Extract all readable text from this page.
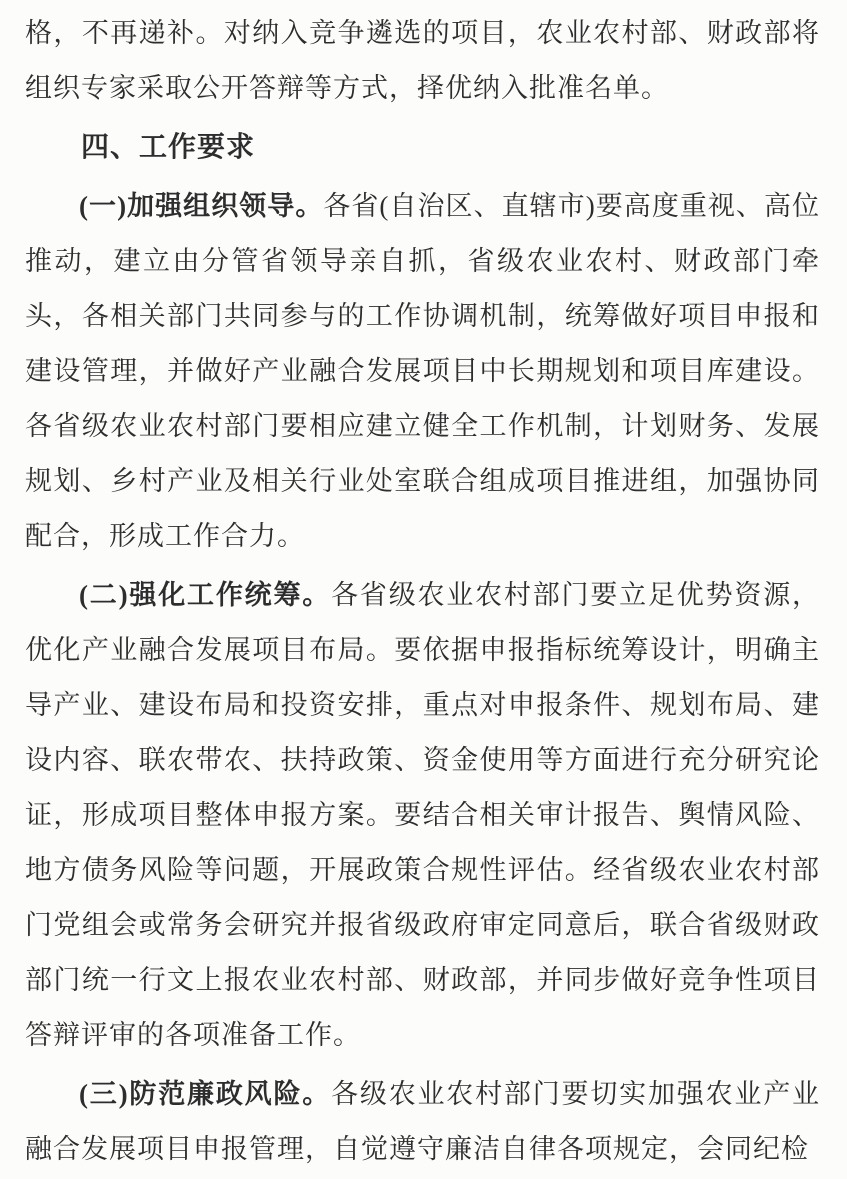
格，不再递补。对纳入竞争遴选的项目，农业农村部、财政部将组织专家采取公开答辩等方式，择优纳入批准名单。

四、工作要求

(一)加强组织领导。各省(自治区、直辖市)要高度重视、高位推动，建立由分管省领导亲自抓，省级农业农村、财政部门牵头，各相关部门共同参与的工作协调机制，统筹做好项目申报和建设管理，并做好产业融合发展项目中长期规划和项目库建设。各省级农业农村部门要相应建立健全工作机制，计划财务、发展规划、乡村产业及相关行业处室联合组成项目推进组，加强协同配合，形成工作合力。

(二)强化工作统筹。各省级农业农村部门要立足优势资源，优化产业融合发展项目布局。要依据申报指标统筹设计，明确主导产业、建设布局和投资安排，重点对申报条件、规划布局、建设内容、联农带农、扶持政策、资金使用等方面进行充分研究论证，形成项目整体申报方案。要结合相关审计报告、舆情风险、地方债务风险等问题，开展政策合规性评估。经省级农业农村部门党组会或常务会研究并报省级政府审定同意后，联合省级财政部门统一行文上报农业农村部、财政部，并同步做好竞争性项目答辩评审的各项准备工作。

(三)防范廉政风险。各级农业农村部门要切实加强农业产业融合发展项目申报管理，自觉遵守廉洁自律各项规定，会同纪检
